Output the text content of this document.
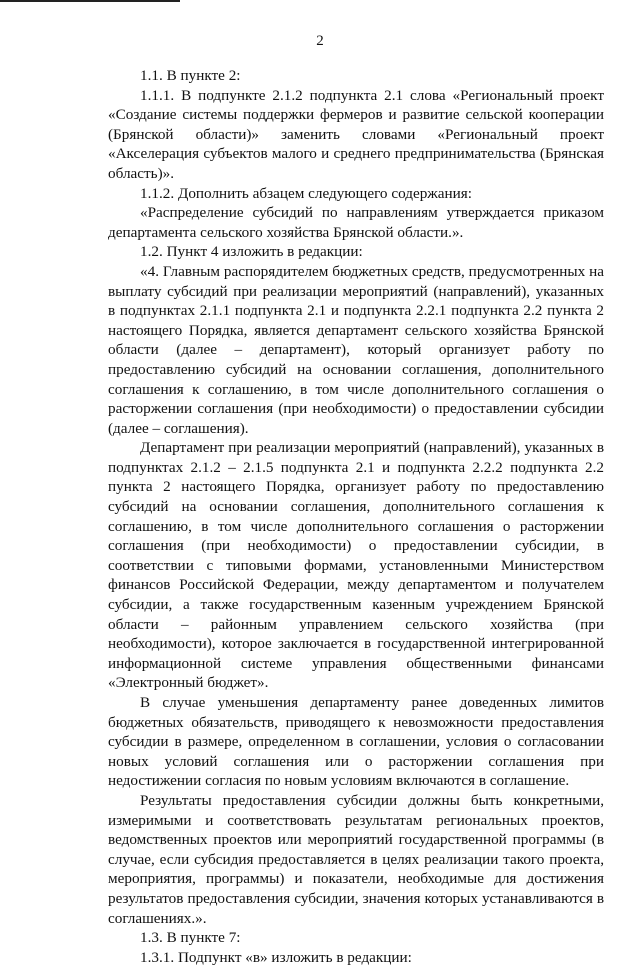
2

1.1. В пункте 2:

1.1.1. В подпункте 2.1.2 подпункта 2.1 слова «Региональный проект «Создание системы поддержки фермеров и развитие сельской кооперации (Брянской области)» заменить словами «Региональный проект «Акселерация субъектов малого и среднего предпринимательства (Брянская область)».

1.1.2. Дополнить абзацем следующего содержания:

«Распределение субсидий по направлениям утверждается приказом департамента сельского хозяйства Брянской области.».

1.2. Пункт 4 изложить в редакции:

«4. Главным распорядителем бюджетных средств, предусмотренных на выплату субсидий при реализации мероприятий (направлений), указанных в подпунктах 2.1.1 подпункта 2.1 и подпункта 2.2.1 подпункта 2.2 пункта 2 настоящего Порядка, является департамент сельского хозяйства Брянской области (далее – департамент), который организует работу по предоставлению субсидий на основании соглашения, дополнительного соглашения к соглашению, в том числе дополнительного соглашения о расторжении соглашения (при необходимости) о предоставлении субсидии (далее – соглашения).

Департамент при реализации мероприятий (направлений), указанных в подпунктах 2.1.2 – 2.1.5 подпункта 2.1 и подпункта 2.2.2 подпункта 2.2 пункта 2 настоящего Порядка, организует работу по предоставлению субсидий на основании соглашения, дополнительного соглашения к соглашению, в том числе дополнительного соглашения о расторжении соглашения (при необходимости) о предоставлении субсидии, в соответствии с типовыми формами, установленными Министерством финансов Российской Федерации, между департаментом и получателем субсидии, а также государственным казенным учреждением Брянской области – районным управлением сельского хозяйства (при необходимости), которое заключается в государственной интегрированной информационной системе управления общественными финансами «Электронный бюджет».

В случае уменьшения департаменту ранее доведенных лимитов бюджетных обязательств, приводящего к невозможности предоставления субсидии в размере, определенном в соглашении, условия о согласовании новых условий соглашения или о расторжении соглашения при недостижении согласия по новым условиям включаются в соглашение.

Результаты предоставления субсидии должны быть конкретными, измеримыми и соответствовать результатам региональных проектов, ведомственных проектов или мероприятий государственной программы (в случае, если субсидия предоставляется в целях реализации такого проекта, мероприятия, программы) и показатели, необходимые для достижения результатов предоставления субсидии, значения которых устанавливаются в соглашениях.».

1.3. В пункте 7:

1.3.1. Подпункт «в» изложить в редакции:
